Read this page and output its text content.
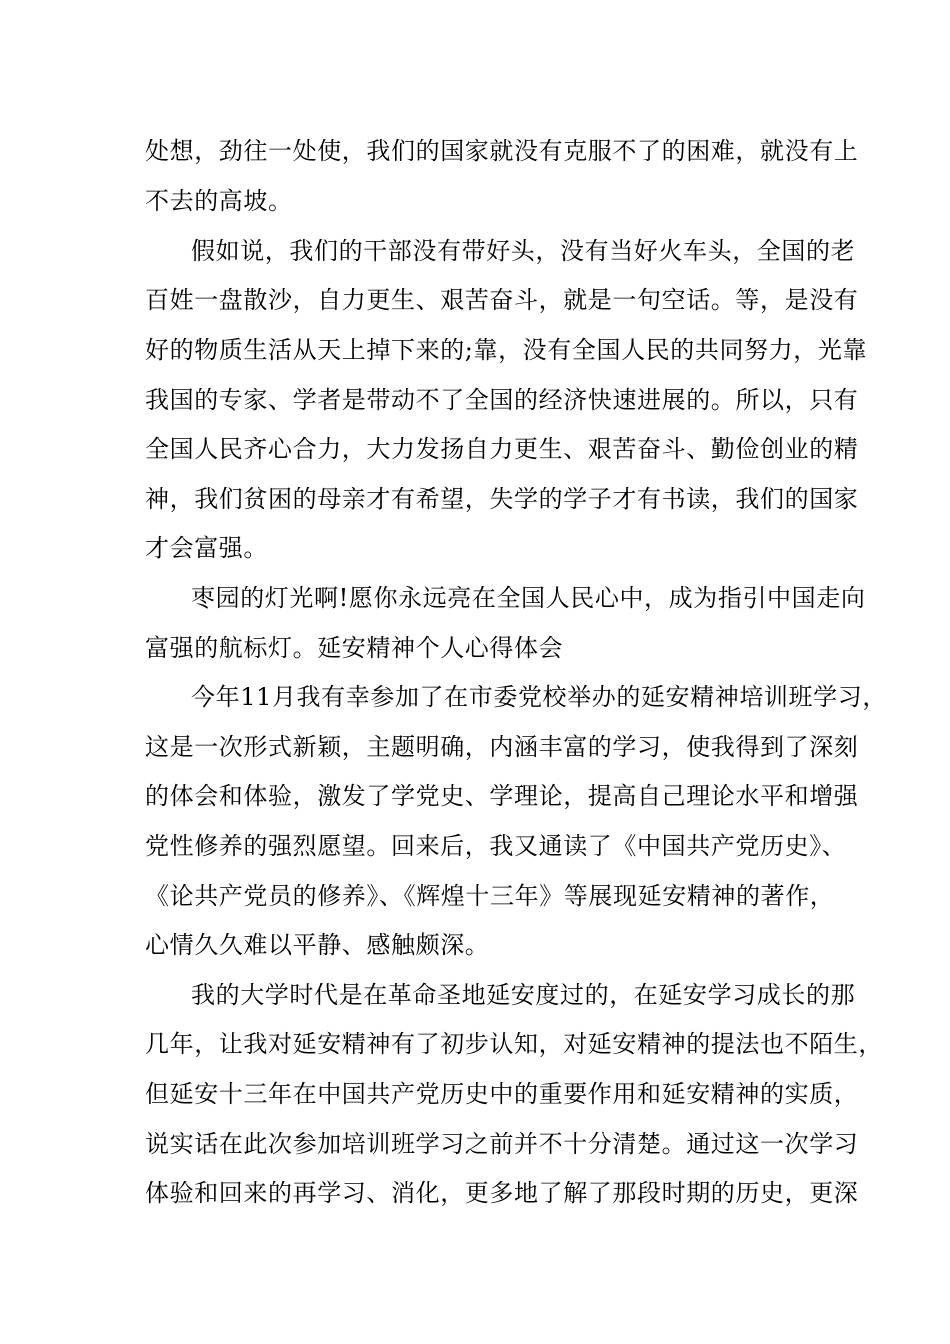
处想，劲往一处使，我们的国家就没有克服不了的困难，就没有上
不去的高坡。
假如说，我们的干部没有带好头，没有当好火车头，全国的老
百姓一盘散沙，自力更生、艰苦奋斗，就是一句空话。等，是没有
好的物质生活从天上掉下来的;靠，没有全国人民的共同努力，光靠
我国的专家、学者是带动不了全国的经济快速进展的。所以，只有
全国人民齐心合力，大力发扬自力更生、艰苦奋斗、勤俭创业的精
神，我们贫困的母亲才有希望，失学的学子才有书读，我们的国家
才会富强。
枣园的灯光啊!愿你永远亮在全国人民心中，成为指引中国走向
富强的航标灯。延安精神个人心得体会
今年11月我有幸参加了在市委党校举办的延安精神培训班学习，
这是一次形式新颖，主题明确，内涵丰富的学习，使我得到了深刻
的体会和体验，激发了学党史、学理论，提高自己理论水平和增强
党性修养的强烈愿望。回来后，我又通读了《中国共产党历史》、
《论共产党员的修养》、《辉煌十三年》等展现延安精神的著作，
心情久久难以平静、感触颇深。
我的大学时代是在革命圣地延安度过的，在延安学习成长的那
几年，让我对延安精神有了初步认知，对延安精神的提法也不陌生，
但延安十三年在中国共产党历史中的重要作用和延安精神的实质，
说实话在此次参加培训班学习之前并不十分清楚。通过这一次学习
体验和回来的再学习、消化，更多地了解了那段时期的历史，更深
